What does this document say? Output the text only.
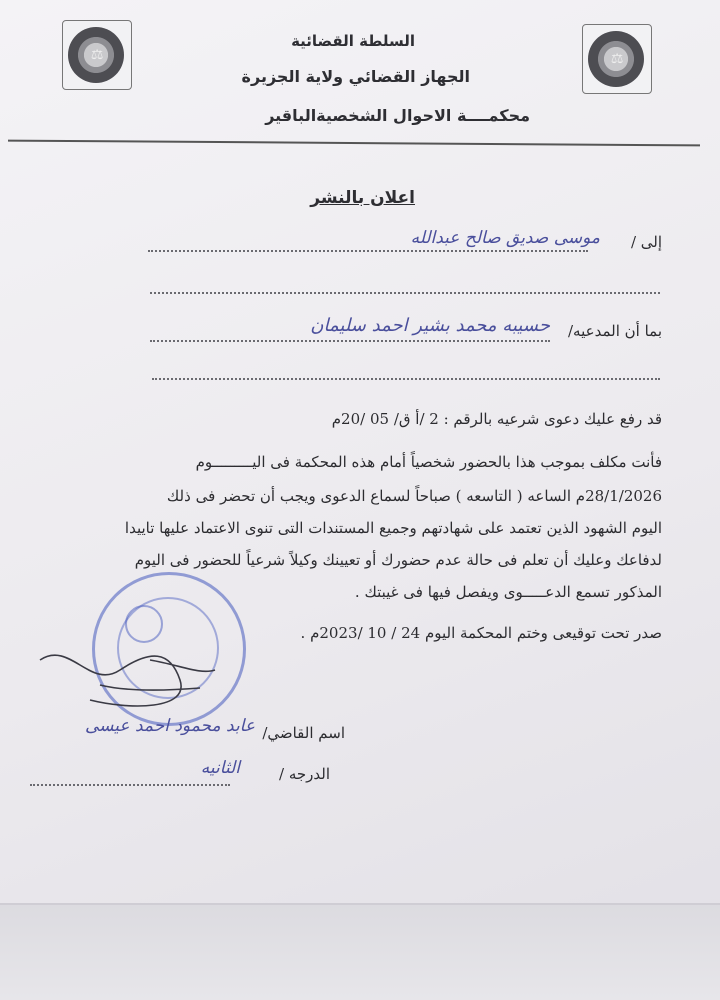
⚖	⚖
السلطة القضائية
الجهاز القضائي ولاية الجزيرة
محكمــــة الاحوال الشخصيةالباقير
اعلان بالنشر
إلى /
موسى صديق صالح عبدالله
بما أن المدعيه/
حسيبه محمد بشير احمد سليمان
قد رفع عليك دعوى شرعيه بالرقم : 2 /أ ق/ 05 /20م
فأنت مكلف بموجب هذا بالحضور شخصياً أمام هذه المحكمة فى اليـــــــــوم
28/1/2026م الساعه ( التاسعه ) صباحاً لسماع الدعوى ويجب أن تحضر فى ذلك
اليوم الشهود الذين تعتمد على شهادتهم وجميع المستندات التى تنوى الاعتماد عليها تاييدا
لدفاعك وعليك أن تعلم فى حالة عدم حضورك أو تعيينك وكيلاً شرعياً للحضور فى اليوم
المذكور تسمع الدعـــــوى ويفصل فيها فى غيبتك .
صدر تحت توقيعى وختم المحكمة اليوم 24 / 10 /2023م .
اسم القاضي/
عابد محمود احمد عيسى
الدرجه /
الثانيه
